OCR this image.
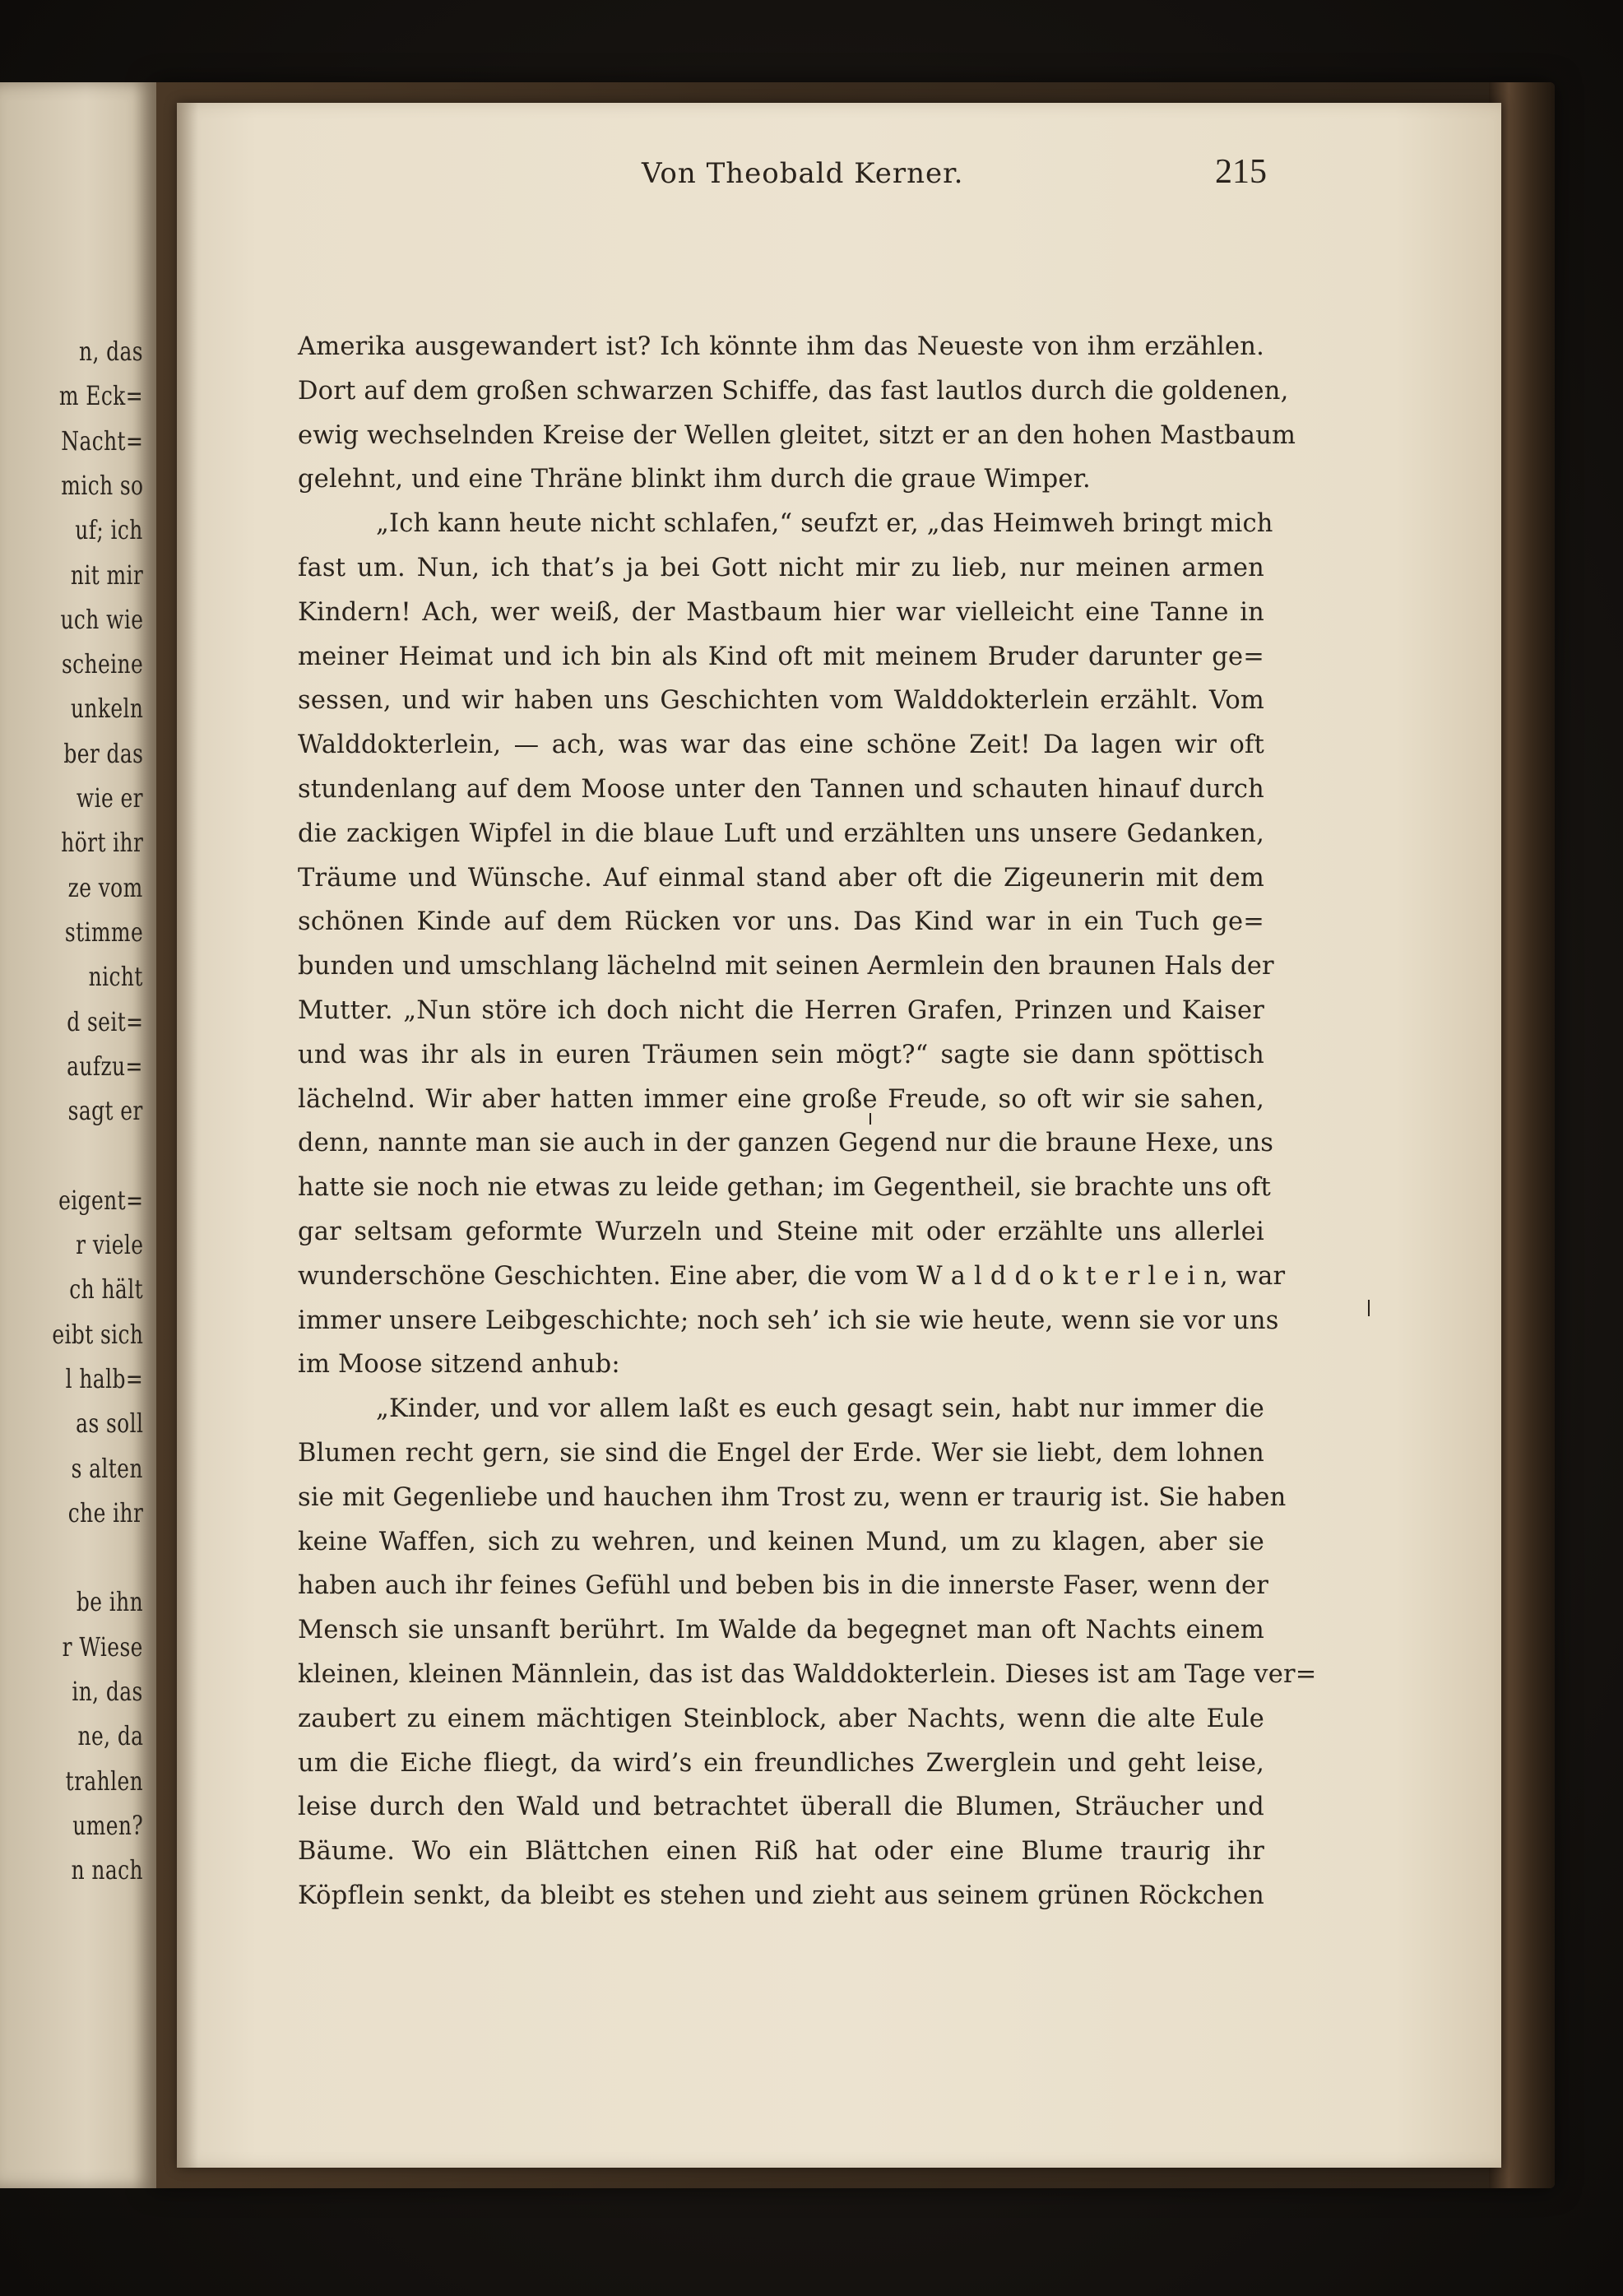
n, das
m Eck=
Nacht=
mich so
uf; ich
nit mir
uch wie
scheine
unkeln
ber das
wie er
hört ihr
ze vom
stimme
nicht
d seit=
aufzu=
sagt er
eigent=
r viele
ch hält
eibt sich
l halb=
as soll
s alten
che ihr
be ihn
r Wiese
in, das
ne, da
trahlen
umen?
n nach
Von Theobald Kerner.	215
Amerika ausgewandert ist? Ich könnte ihm das Neueste von ihm erzählen.
Dort auf dem großen schwarzen Schiffe, das fast lautlos durch die goldenen,
ewig wechselnden Kreise der Wellen gleitet, sitzt er an den hohen Mastbaum
gelehnt, und eine Thräne blinkt ihm durch die graue Wimper.
„Ich kann heute nicht schlafen,“ seufzt er, „das Heimweh bringt mich
fast um. Nun, ich that’s ja bei Gott nicht mir zu lieb, nur meinen armen
Kindern! Ach, wer weiß, der Mastbaum hier war vielleicht eine Tanne in
meiner Heimat und ich bin als Kind oft mit meinem Bruder darunter ge=
sessen, und wir haben uns Geschichten vom Walddokterlein erzählt. Vom
Walddokterlein, — ach, was war das eine schöne Zeit! Da lagen wir oft
stundenlang auf dem Moose unter den Tannen und schauten hinauf durch
die zackigen Wipfel in die blaue Luft und erzählten uns unsere Gedanken,
Träume und Wünsche. Auf einmal stand aber oft die Zigeunerin mit dem
schönen Kinde auf dem Rücken vor uns. Das Kind war in ein Tuch ge=
bunden und umschlang lächelnd mit seinen Aermlein den braunen Hals der
Mutter. „Nun störe ich doch nicht die Herren Grafen, Prinzen und Kaiser
und was ihr als in euren Träumen sein mögt?“ sagte sie dann spöttisch
lächelnd. Wir aber hatten immer eine große Freude, so oft wir sie sahen,
denn, nannte man sie auch in der ganzen Gegend nur die braune Hexe, uns
hatte sie noch nie etwas zu leide gethan; im Gegentheil, sie brachte uns oft
gar seltsam geformte Wurzeln und Steine mit oder erzählte uns allerlei
wunderschöne Geschichten. Eine aber, die vom W a l d d o k t e r l e i n, war
immer unsere Leibgeschichte; noch seh’ ich sie wie heute, wenn sie vor uns
im Moose sitzend anhub:
„Kinder, und vor allem laßt es euch gesagt sein, habt nur immer die
Blumen recht gern, sie sind die Engel der Erde. Wer sie liebt, dem lohnen
sie mit Gegenliebe und hauchen ihm Trost zu, wenn er traurig ist. Sie haben
keine Waffen, sich zu wehren, und keinen Mund, um zu klagen, aber sie
haben auch ihr feines Gefühl und beben bis in die innerste Faser, wenn der
Mensch sie unsanft berührt. Im Walde da begegnet man oft Nachts einem
kleinen, kleinen Männlein, das ist das Walddokterlein. Dieses ist am Tage ver=
zaubert zu einem mächtigen Steinblock, aber Nachts, wenn die alte Eule
um die Eiche fliegt, da wird’s ein freundliches Zwerglein und geht leise,
leise durch den Wald und betrachtet überall die Blumen, Sträucher und
Bäume. Wo ein Blättchen einen Riß hat oder eine Blume traurig ihr
Köpflein senkt, da bleibt es stehen und zieht aus seinem grünen Röckchen
